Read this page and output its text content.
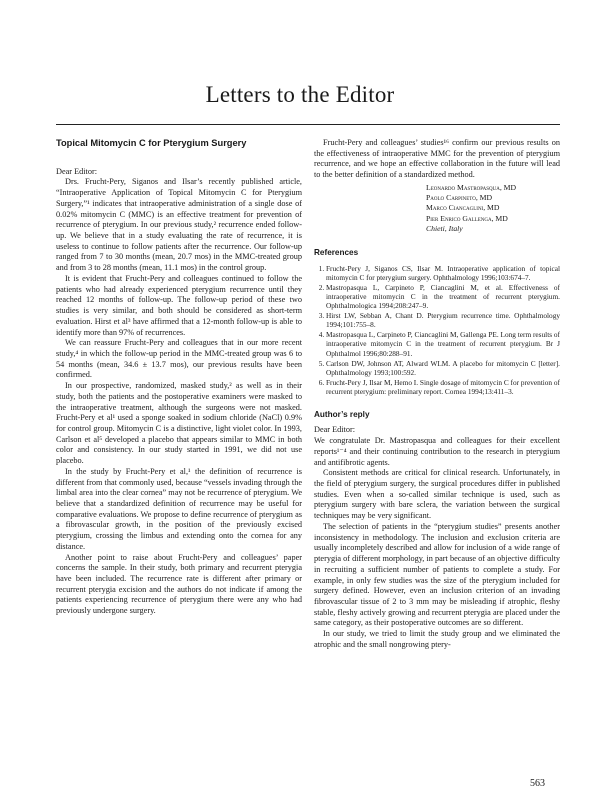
Letters to the Editor
Topical Mitomycin C for Pterygium Surgery

Dear Editor:

Drs. Frucht-Pery, Siganos and Ilsar’s recently published article, “Intraoperative Application of Topical Mitomycin C for Pterygium Surgery,”¹ indicates that intraoperative administration of a single dose of 0.02% mitomycin C (MMC) is an effective treatment for prevention of recurrence of pterygium. In our previous study,² recurrence ended follow-up. We believe that in a study evaluating the rate of recurrence, it is useless to continue to follow patients after the recurrence. Our follow-up ranged from 7 to 30 months (mean, 20.7 mos) in the MMC-treated group and from 3 to 28 months (mean, 11.1 mos) in the control group.

It is evident that Frucht-Pery and colleagues continued to follow the patients who had already experienced pterygium recurrence until they reached 12 months of follow-up. The follow-up period of these two studies is very similar, and both should be considered as short-term evaluation. Hirst et al³ have affirmed that a 12-month follow-up is able to identify more than 97% of recurrences.

We can reassure Frucht-Pery and colleagues that in our more recent study,⁴ in which the follow-up period in the MMC-treated group was 6 to 54 months (mean, 34.6 ± 13.7 mos), our previous results have been confirmed.

In our prospective, randomized, masked study,² as well as in their study, both the patients and the postoperative examiners were masked to the intraoperative treatment, although the surgeons were not masked. Frucht-Pery et al¹ used a sponge soaked in sodium chloride (NaCl) 0.9% for control group. Mitomycin C is a distinctive, light violet color. In 1993, Carlson et al⁵ developed a placebo that appears similar to MMC in both color and consistency. In our study started in 1991, we did not use placebo.

In the study by Frucht-Pery et al,¹ the definition of recurrence is different from that commonly used, because “vessels invading through the limbal area into the clear cornea” may not be recurrence of pterygium. We believe that a standardized definition of recurrence may be useful for comparative evaluations. We propose to define recurrence of pterygium as a fibrovascular growth, in the position of the previously excised pterygium, crossing the limbus and extending onto the cornea for any distance.

Another point to raise about Frucht-Pery and colleagues’ paper concerns the sample. In their study, both primary and recurrent pterygia have been included. The recurrence rate is different after primary or recurrent pterygia excision and the authors do not indicate if among the patients experiencing recurrence of pterygium there were any who had previously undergone surgery.

Frucht-Pery and colleagues’ studies¹⁶ confirm our previous results on the effectiveness of intraoperative MMC for the prevention of pterygium recurrence, and we hope an effective collaboration in the future will lead to the better definition of a standardized method.

Leonardo Mastropasqua, MD
Paolo Carpineto, MD
Marco Ciancaglini, MD
Pier Enrico Gallenga, MD
Chieti, Italy
References
1. Frucht-Pery J, Siganos CS, Ilsar M. Intraoperative application of topical mitomycin C for pterygium surgery. Ophthalmology 1996;103:674–7.
2. Mastropasqua L, Carpineto P, Ciancaglini M, et al. Effectiveness of intraoperative mitomycin C in the treatment of recurrent pterygium. Ophthalmologica 1994;208:247–9.
3. Hirst LW, Sebban A, Chant D. Pterygium recurrence time. Ophthalmology 1994;101:755–8.
4. Mastropasqua L, Carpineto P, Ciancaglini M, Gallenga PE. Long term results of intraoperative mitomycin C in the treatment of recurrent pterygium. Br J Ophthalmol 1996;80:288–91.
5. Carlson DW, Johnson AT, Alward WLM. A placebo for mitomycin C [letter]. Ophthalmology 1993;100:592.
6. Frucht-Pery J, Ilsar M, Hemo I. Single dosage of mitomycin C for prevention of recurrent pterygium: preliminary report. Cornea 1994;13:411–3.
Author’s reply

Dear Editor:

We congratulate Dr. Mastropasqua and colleagues for their excellent reports¹⁻⁴ and their continuing contribution to the research in pterygium and antifibrotic agents.

Consistent methods are critical for clinical research. Unfortunately, in the field of pterygium surgery, the surgical procedures differ in published studies. Even when a so-called similar technique is used, such as pterygium surgery with bare sclera, the variation between the surgical techniques may be very significant.

The selection of patients in the “pterygium studies” presents another inconsistency in methodology. The inclusion and exclusion criteria are usually incompletely described and allow for inclusion of a wide range of pterygia of different morphology, in part because of an objective difficulty in recruiting a sufficient number of patients to complete a study. For example, in only few studies was the size of the pterygium included for surgery defined. However, even an inclusion criterion of an invading fibrovascular tissue of 2 to 3 mm may be misleading if atrophic, fleshy stable, fleshy actively growing and recurrent pterygia are placed under the same category, as their postoperative outcomes are so different.

In our study, we tried to limit the study group and we eliminated the atrophic and the small nongrowing ptery-

563
